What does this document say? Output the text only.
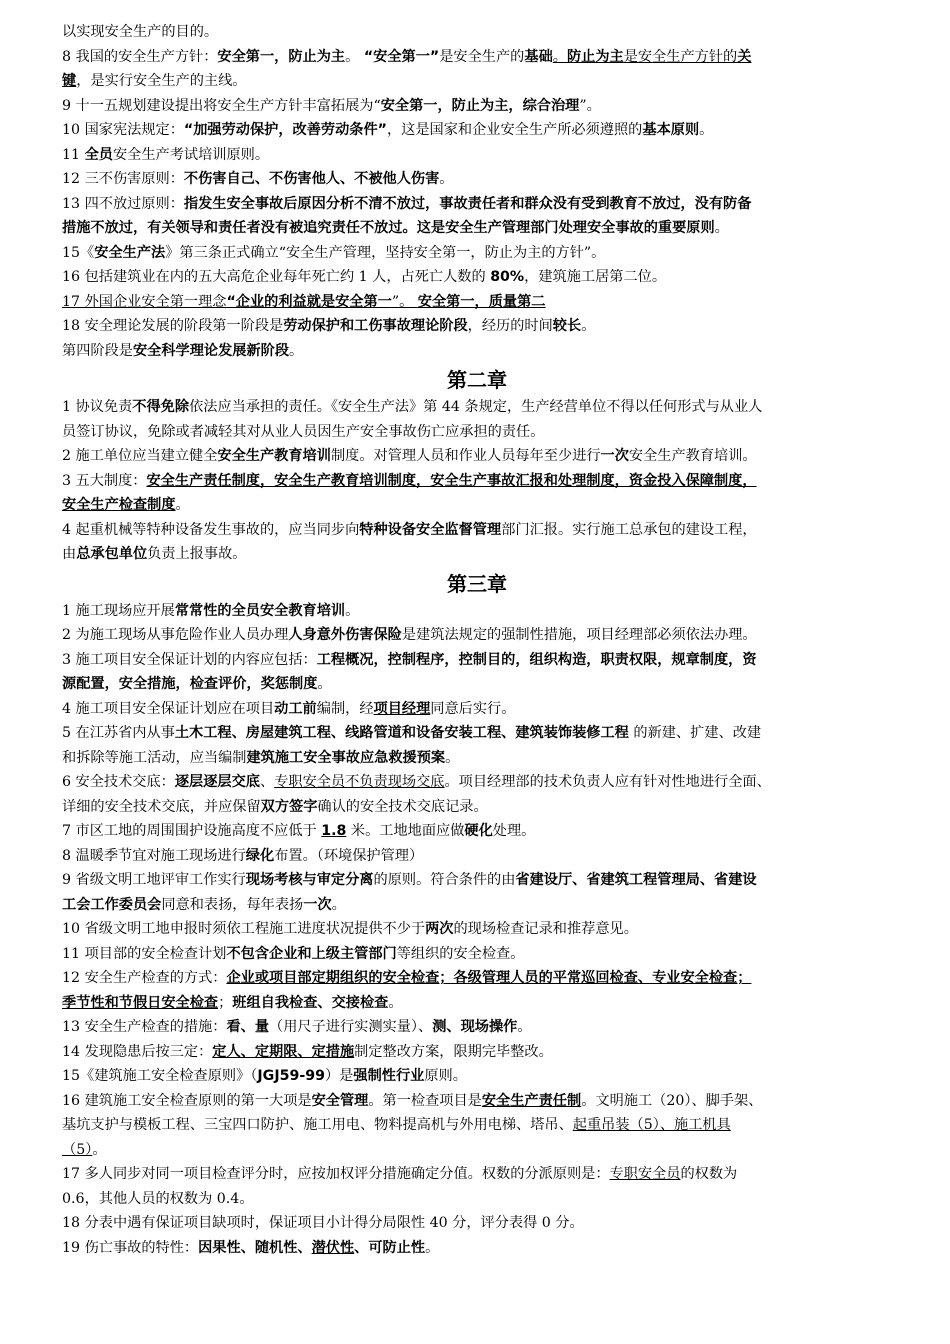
以实现安全生产的目的。
8 我国的安全生产方针：安全第一，防止为主。 “安全第一”是安全生产的基础。防止为主是安全生产方针的关
键，是实行安全生产的主线。
9 十一五规划建设提出将安全生产方针丰富拓展为“安全第一，防止为主，综合治理”。
10 国家宪法规定：“加强劳动保护，改善劳动条件”，这是国家和企业安全生产所必须遵照的基本原则。
11 全员安全生产考试培训原则。
12 三不伤害原则：不伤害自己、不伤害他人、不被他人伤害。
13 四不放过原则：指发生安全事故后原因分析不清不放过，事故责任者和群众没有受到教育不放过，没有防备
措施不放过，有关领导和责任者没有被追究责任不放过。这是安全生产管理部门处理安全事故的重要原则。
15《安全生产法》第三条正式确立“安全生产管理，坚持安全第一，防止为主的方针”。
16 包括建筑业在内的五大高危企业每年死亡约 1 人，占死亡人数的 80%，建筑施工居第二位。
17 外国企业安全第一理念“企业的利益就是安全第一”。 安全第一，质量第二
18 安全理论发展的阶段第一阶段是劳动保护和工伤事故理论阶段，经历的时间较长。
第四阶段是安全科学理论发展新阶段。
第二章
1 协议免责不得免除依法应当承担的责任。《安全生产法》第 44 条规定，生产经营单位不得以任何形式与从业人
员签订协议，免除或者减轻其对从业人员因生产安全事故伤亡应承担的责任。
2 施工单位应当建立健全安全生产教育培训制度。对管理人员和作业人员每年至少进行一次安全生产教育培训。
3 五大制度：安全生产责任制度，安全生产教育培训制度，安全生产事故汇报和处理制度，资金投入保障制度，
安全生产检查制度。
4 起重机械等特种设备发生事故的，应当同步向特种设备安全监督管理部门汇报。实行施工总承包的建设工程，
由总承包单位负责上报事故。
第三章
1 施工现场应开展常常性的全员安全教育培训。
2 为施工现场从事危险作业人员办理人身意外伤害保险是建筑法规定的强制性措施，项目经理部必须依法办理。
3 施工项目安全保证计划的内容应包括：工程概况，控制程序，控制目的，组织构造，职责权限，规章制度，资
源配置，安全措施，检查评价，奖惩制度。
4 施工项目安全保证计划应在项目动工前编制，经项目经理同意后实行。
5 在江苏省内从事土木工程、房屋建筑工程、线路管道和设备安装工程、建筑装饰装修工程 的新建、扩建、改建
和拆除等施工活动，应当编制建筑施工安全事故应急救援预案。
6 安全技术交底：逐层逐层交底、专职安全员不负责现场交底。项目经理部的技术负责人应有针对性地进行全面、
详细的安全技术交底，并应保留双方签字确认的安全技术交底记录。
7 市区工地的周围围护设施高度不应低于 1.8 米。工地地面应做硬化处理。
8 温暖季节宜对施工现场进行绿化布置。（环境保护管理）
9 省级文明工地评审工作实行现场考核与审定分离的原则。符合条件的由省建设厅、省建筑工程管理局、省建设
工会工作委员会同意和表扬，每年表扬一次。
10 省级文明工地申报时须依工程施工进度状况提供不少于两次的现场检查记录和推荐意见。
11 项目部的安全检查计划不包含企业和上级主管部门等组织的安全检查。
12 安全生产检查的方式：企业或项目部定期组织的安全检查；各级管理人员的平常巡回检查、专业安全检查；
季节性和节假日安全检查；班组自我检查、交接检查。
13 安全生产检查的措施：看、量（用尺子进行实测实量）、测、现场操作。
14 发现隐患后按三定：定人、定期限、定措施制定整改方案，限期完毕整改。
15《建筑施工安全检查原则》（JGJ59-99）是强制性行业原则。
16 建筑施工安全检查原则的第一大项是安全管理。第一检查项目是安全生产责任制。文明施工（20）、脚手架、
基坑支护与模板工程、三宝四口防护、施工用电、物料提高机与外用电梯、塔吊、起重吊装（5）、施工机具
（5）。
17 多人同步对同一项目检查评分时，应按加权评分措施确定分值。权数的分派原则是：专职安全员的权数为
0.6，其他人员的权数为 0.4。
18 分表中遇有保证项目缺项时，保证项目小计得分局限性 40 分，评分表得 0 分。
19 伤亡事故的特性：因果性、随机性、潜伏性、可防止性。
